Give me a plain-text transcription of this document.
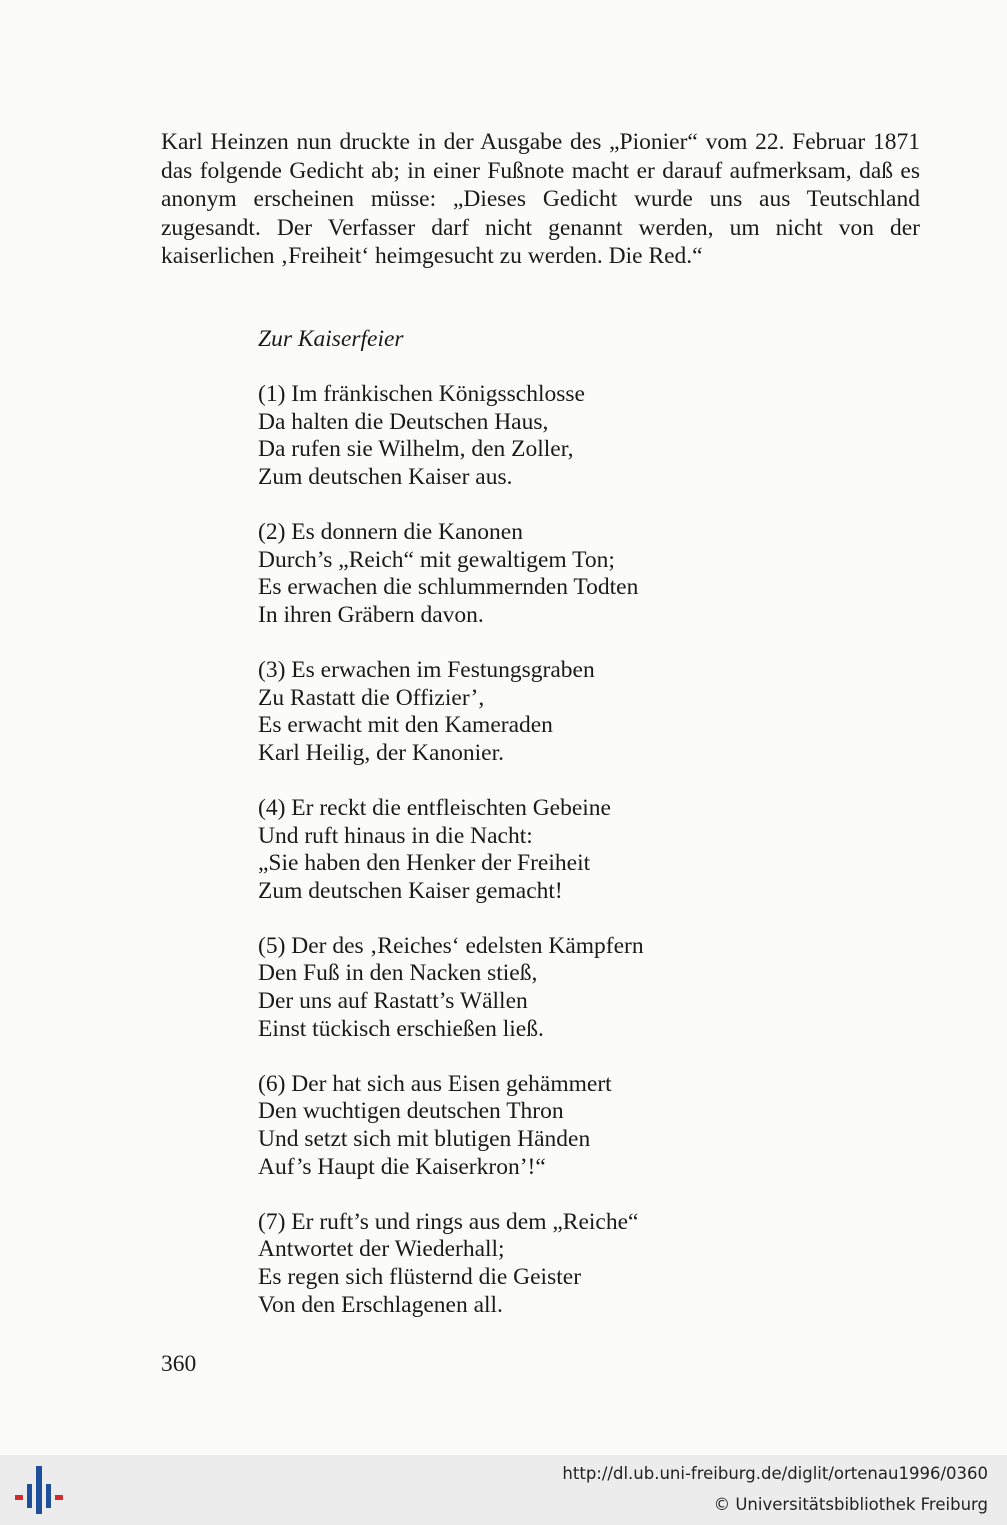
Karl Heinzen nun druckte in der Ausgabe des „Pionier“ vom 22. Februar 1871 das folgende Gedicht ab; in einer Fußnote macht er darauf aufmerksam, daß es anonym erscheinen müsse: „Dieses Gedicht wurde uns aus Teutschland zugesandt. Der Verfasser darf nicht genannt werden, um nicht von der kaiserlichen ‚Freiheit‘ heimgesucht zu werden. Die Red.“

Zur Kaiserfeier
(1) Im fränkischen Königsschlosse
Da halten die Deutschen Haus,
Da rufen sie Wilhelm, den Zoller,
Zum deutschen Kaiser aus.
(2) Es donnern die Kanonen
Durch’s „Reich“ mit gewaltigem Ton;
Es erwachen die schlummernden Todten
In ihren Gräbern davon.
(3) Es erwachen im Festungsgraben
Zu Rastatt die Offizier’,
Es erwacht mit den Kameraden
Karl Heilig, der Kanonier.
(4) Er reckt die entfleischten Gebeine
Und ruft hinaus in die Nacht:
„Sie haben den Henker der Freiheit
Zum deutschen Kaiser gemacht!
(5) Der des ‚Reiches‘ edelsten Kämpfern
Den Fuß in den Nacken stieß,
Der uns auf Rastatt’s Wällen
Einst tückisch erschießen ließ.
(6) Der hat sich aus Eisen gehämmert
Den wuchtigen deutschen Thron
Und setzt sich mit blutigen Händen
Auf’s Haupt die Kaiserkron’!“
(7) Er ruft’s und rings aus dem „Reiche“
Antwortet der Wiederhall;
Es regen sich flüsternd die Geister
Von den Erschlagenen all.
360
http://dl.ub.uni-freiburg.de/diglit/ortenau1996/0360
© Universitätsbibliothek Freiburg
